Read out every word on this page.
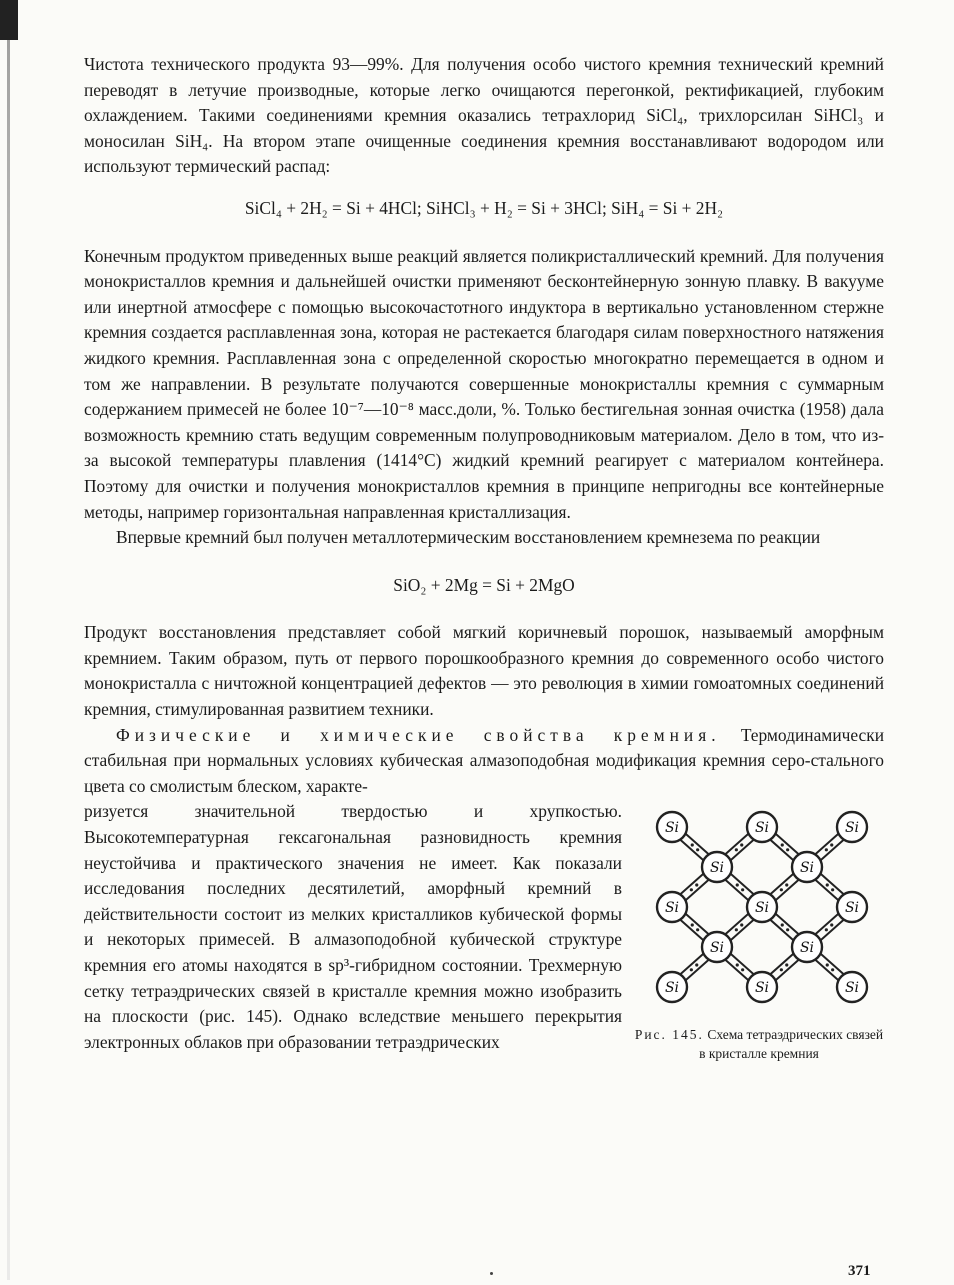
Чистота технического продукта 93—99%. Для получения особо чистого кремния технический кремний переводят в летучие производные, которые легко очищаются перегонкой, ректификацией, глубоким охлаждением. Такими соединениями кремния оказались тетрахлорид SiCl₄, трихлорсилан SiHCl₃ и моносилан SiH₄. На втором этапе очищенные соединения кремния восстанавливают водородом или используют термический распад:

SiCl₄ + 2H₂ = Si + 4HCl; SiHCl₃ + H₂ = Si + 3HCl; SiH₄ = Si + 2H₂

Конечным продуктом приведенных выше реакций является поликристаллический кремний. Для получения монокристаллов кремния и дальнейшей очистки применяют бесконтейнерную зонную плавку. В вакууме или инертной атмосфере с помощью высокочастотного индуктора в вертикально установленном стержне кремния создается расплавленная зона, которая не растекается благодаря силам поверхностного натяжения жидкого кремния. Расплавленная зона с определенной скоростью многократно перемещается в одном и том же направлении. В результате получаются совершенные монокристаллы кремния с суммарным содержанием примесей не более 10⁻⁷—10⁻⁸ масс.доли, %. Только бестигельная зонная очистка (1958) дала возможность кремнию стать ведущим современным полупроводниковым материалом. Дело в том, что из-за высокой температуры плавления (1414°C) жидкий кремний реагирует с материалом контейнера. Поэтому для очистки и получения монокристаллов кремния в принципе непригодны все контейнерные методы, например горизонтальная направленная кристаллизация.

Впервые кремний был получен металлотермическим восстановлением кремнезема по реакции

SiO₂ + 2Mg = Si + 2MgO

Продукт восстановления представляет собой мягкий коричневый порошок, называемый аморфным кремнием. Таким образом, путь от первого порошкообразного кремния до современного особо чистого монокристалла с ничтожной концентрацией дефектов — это революция в химии гомоатомных соединений кремния, стимулированная развитием техники.

Физические и химические свойства кремния. Термодинамически стабильная при нормальных условиях кубическая алмазоподобная модификация кремния серо-стального цвета со смолистым блеском, характе-

Si	Si	Si
Si	Si
Si	Si	Si
Si	Si
Si	Si	Si
Рис. 145. Схема тетраэдрических связей в кристалле кремния

ризуется значительной твердостью и хрупкостью. Высокотемпературная гексагональная разновидность кремния неустойчива и практического значения не имеет. Как показали исследования последних десятилетий, аморфный кремний в действительности состоит из мелких кристалликов кубической формы и некоторых примесей. В алмазоподобной кубической структуре кремния его атомы находятся в sp³-гибридном состоянии. Трехмерную сетку тетраэдрических связей в кристалле кремния можно изобразить на плоскости (рис. 145). Однако вследствие меньшего перекрытия электронных облаков при образовании тетраэдрических

371
